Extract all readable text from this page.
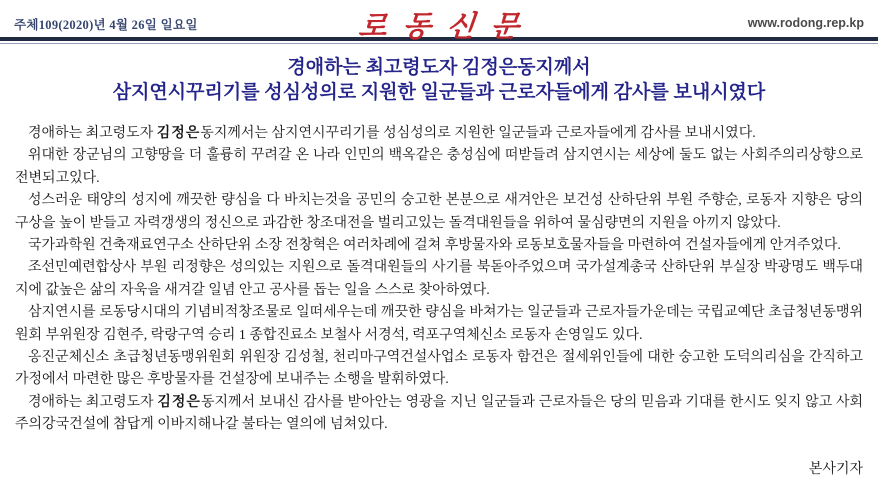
주체109(2020)년 4월 26일 일요일	로동신문	www.rodong.rep.kp
경애하는 최고령도자 김정은동지께서
삼지연시꾸리기를 성심성의로 지원한 일군들과 근로자들에게 감사를 보내시였다

경애하는 최고령도자 김정은동지께서는 삼지연시꾸리기를 성심성의로 지원한 일군들과 근로자들에게 감사를 보내시였다.

위대한 장군님의 고향땅을 더 훌륭히 꾸려갈 온 나라 인민의 백옥같은 충성심에 떠받들려 삼지연시는 세상에 둘도 없는 사회주의리상향으로 전변되고있다.

성스러운 태양의 성지에 깨끗한 량심을 다 바치는것을 공민의 숭고한 본분으로 새겨안은 보건성 산하단위 부원 주향순, 로동자 지향은 당의 구상을 높이 받들고 자력갱생의 정신으로 과감한 창조대전을 벌리고있는 돌격대원들을 위하여 물심량면의 지원을 아끼지 않았다.

국가과학원 건축재료연구소 산하단위 소장 전창혁은 여러차례에 걸쳐 후방물자와 로동보호물자들을 마련하여 건설자들에게 안겨주었다.

조선민예련합상사 부원 리정향은 성의있는 지원으로 돌격대원들의 사기를 북돋아주었으며 국가설계총국 산하단위 부실장 박광명도 백두대지에 값높은 삶의 자욱을 새겨갈 일념 안고 공사를 돕는 일을 스스로 찾아하였다.

삼지연시를 로동당시대의 기념비적창조물로 일떠세우는데 깨끗한 량심을 바쳐가는 일군들과 근로자들가운데는 국립교예단 초급청년동맹위원회 부위원장 김현주, 락랑구역 승리 1 종합진료소 보철사 서경석, 력포구역체신소 로동자 손영일도 있다.

옹진군체신소 초급청년동맹위원회 위원장 김성철, 천리마구역건설사업소 로동자 함건은 절세위인들에 대한 숭고한 도덕의리심을 간직하고 가정에서 마련한 많은 후방물자를 건설장에 보내주는 소행을 발휘하였다.

경애하는 최고령도자 김정은동지께서 보내신 감사를 받아안는 영광을 지닌 일군들과 근로자들은 당의 믿음과 기대를 한시도 잊지 않고 사회주의강국건설에 참답게 이바지해나갈 불타는 열의에 넘쳐있다.

본사기자
